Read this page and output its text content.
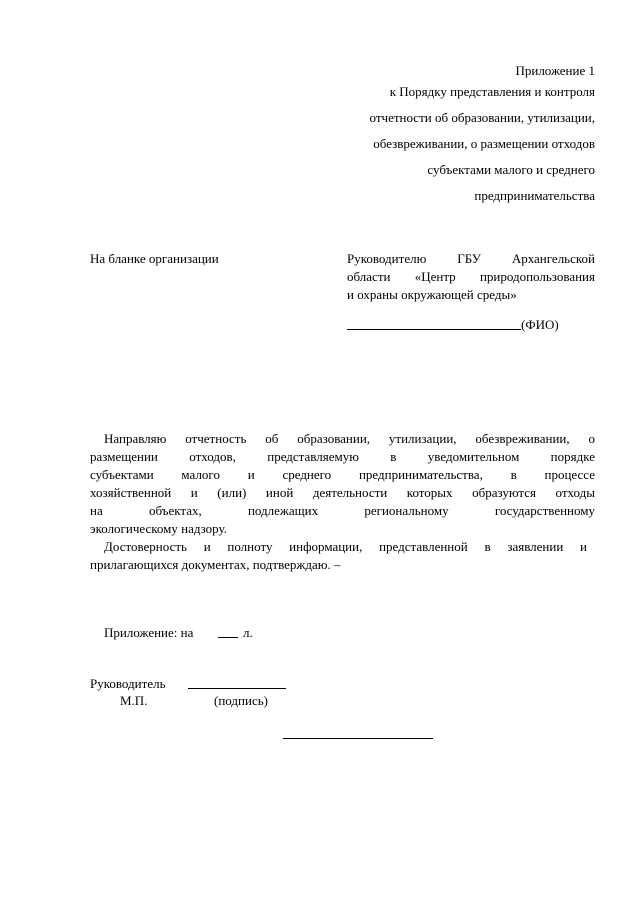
Приложение 1
к Порядку представления и контроля
отчетности об образовании, утилизации,
обезвреживании, о размещении отходов
субъектами малого и среднего
предпринимательства
На бланке организации	Руководителю ГБУ Архангельской
области «Центр природопользования
и охраны окружающей среды»
(ФИО)
Направляю отчетность об образовании, утилизации, обезвреживании, о
размещении отходов, представляемую в уведомительном порядке
субъектами малого и среднего предпринимательства, в процессе
хозяйственной и (или) иной деятельности которых образуются отходы
на объектах, подлежащих региональному государственному
экологическому надзору.
Достоверность и полноту информации, представленной в заявлении и
прилагающихся документах, подтверждаю. –
Приложение: на	л.
Руководитель
М.П.	(подпись)
